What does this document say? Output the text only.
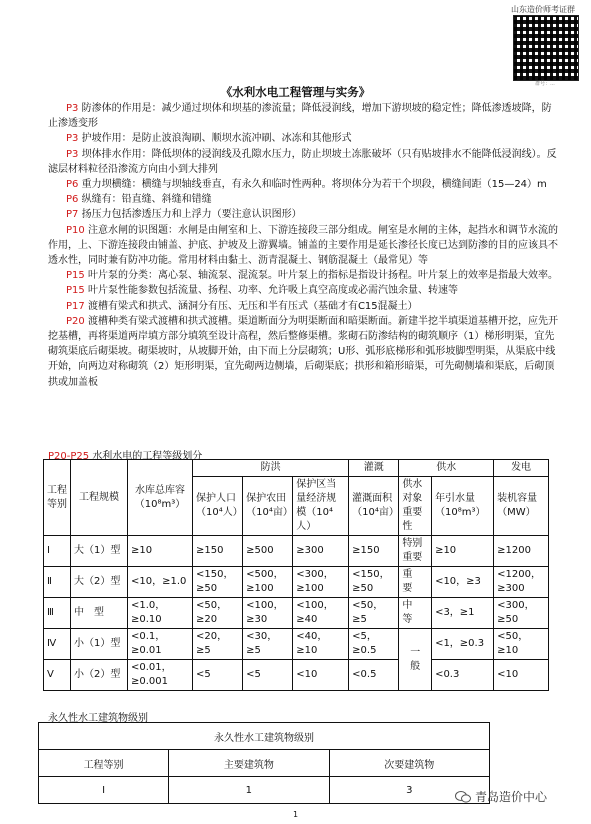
山东造价师考证群
群号：...
《水利水电工程管理与实务》

P3 防渗体的作用是：减少通过坝体和坝基的渗流量；降低浸润线，增加下游坝坡的稳定性；降低渗透坡降，防止渗透变形

P3 护坡作用：是防止波浪淘刷、顺坝水流冲刷、冰冻和其他形式

P3 坝体排水作用：降低坝体的浸润线及孔隙水压力，防止坝坡土冻胀破坏（只有贴坡排水不能降低浸润线）。反滤层材料粒径沿渗流方向由小到大排列

P6 重力坝横缝：横缝与坝轴线垂直，有永久和临时性两种。将坝体分为若干个坝段，横缝间距（15—24）m

P6 纵缝有：铅直缝、斜缝和错缝

P7 扬压力包括渗透压力和上浮力（要注意认识图形）

P10 注意水闸的识图题：水闸是由闸室和上、下游连接段三部分组成。闸室是水闸的主体，起挡水和调节水流的作用，上、下游连接段由铺盖、护底、护坡及上游翼墙。铺盖的主要作用是延长渗径长度已达到防渗的目的应该具不透水性，同时兼有防冲功能。常用材料由黏土、沥青混凝土、钢筋混凝土（最常见）等

P15 叶片泵的分类：离心泵、轴流泵、混流泵。叶片泵上的指标是指设计扬程。叶片泵上的效率是指最大效率。

P15 叶片泵性能参数包括流量、扬程、功率、允许吸上真空高度或必需汽蚀余量、转速等

P17 渡槽有梁式和拱式、涵洞分有压、无压和半有压式（基础才有C15混凝土）

P20 渡槽种类有梁式渡槽和拱式渡槽。渠道断面分为明渠断面和暗渠断面。新建半挖半填渠道基槽开挖，应先开挖基槽，再将渠道两岸填方部分填筑至设计高程，然后整修渠槽。浆砌石防渗结构的砌筑顺序（1）梯形明渠，宜先砌筑渠底后砌渠坡。砌渠坡时，从坡脚开始，由下而上分层砌筑；U形、弧形底梯形和弧形坡脚型明渠，从渠底中线开始，向两边对称砌筑（2）矩形明渠，宜先砌两边侧墙，后砌渠底；拱形和箱形暗渠，可先砌侧墙和渠底，后砌顶拱或加盖板

P20-P25 水利水电的工程等级划分
工程等别	工程规模	水库总库容（10⁸m³）	防洪			灌溉	供水		发电
			保护人口（10⁴人）	保护农田（10⁴亩）	保护区当量经济规模（10⁴人）	灌溉面积（10⁴亩）	供水对象重要性	年引水量（10⁸m³）	装机容量（MW）
I	大（1）型	≥10	≥150	≥500	≥300	≥150	特别重要	≥10	≥1200
Ⅱ	大（2）型	<10，≥1.0	<150，≥50	<500，≥100	<300，≥100	<150，≥50	重　要	<10，≥3	<1200，≥300
Ⅲ	中　型	<1.0，≥0.10	<50，≥20	<100，≥30	<100，≥40	<50，≥5	中　等	<3，≥1	<300，≥50
Ⅳ	小（1）型	<0.1，≥0.01	<20，≥5	<30，≥5	<40，≥10	<5，≥0.5	一　般	<1，≥0.3	<50，≥10
Ⅴ	小（2）型	<0.01，≥0.001	<5	<5	<10	<0.5		<0.3	<10
永久性水工建筑物级别
永久性水工建筑物级别		
工程等别	主要建筑物	次要建筑物
I	1	3	青岛造价中心
1
